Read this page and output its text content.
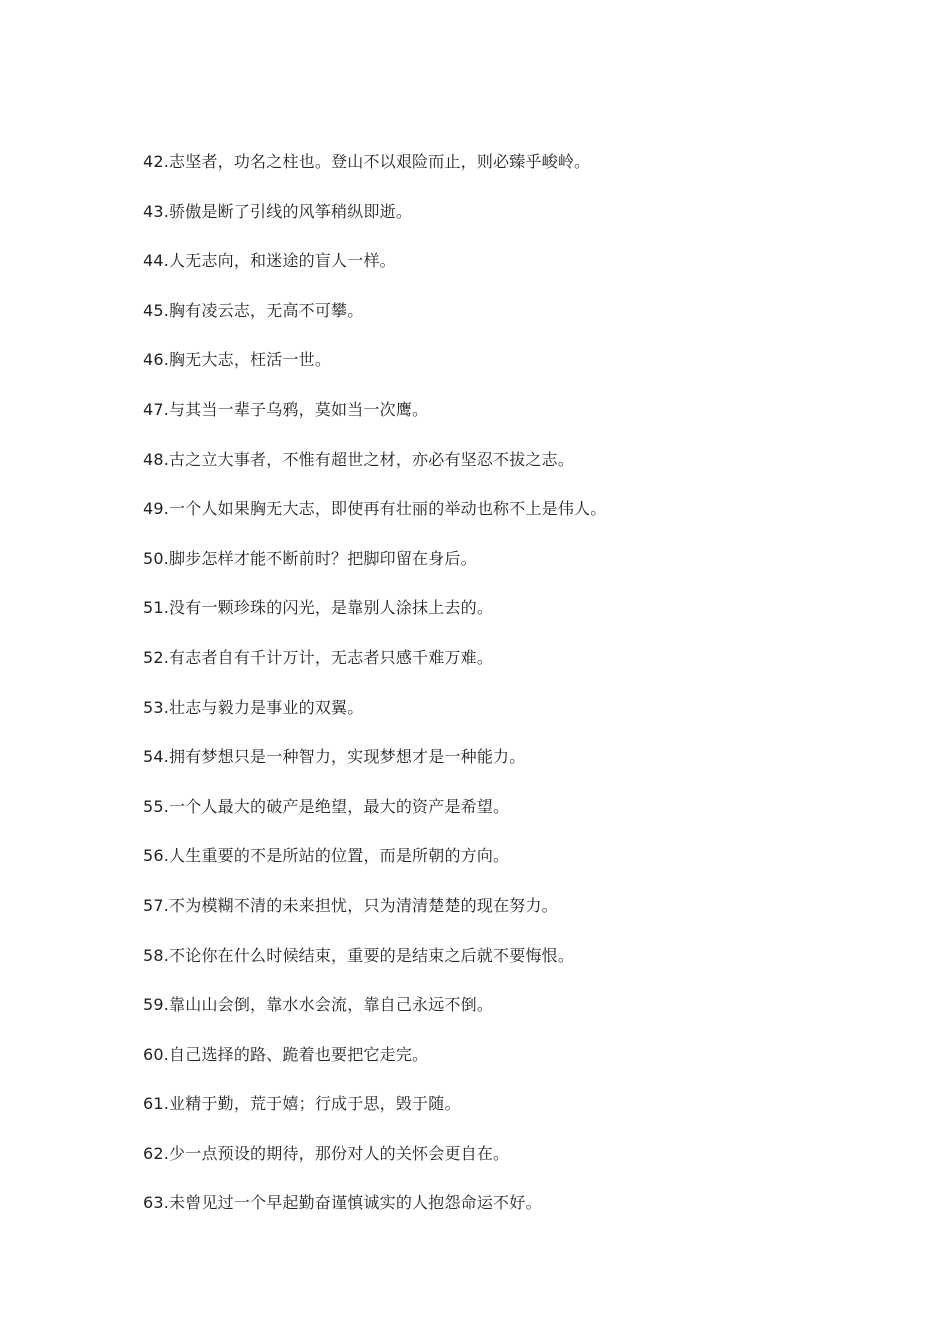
42.志坚者，功名之柱也。登山不以艰险而止，则必臻乎峻岭。
43.骄傲是断了引线的风筝稍纵即逝。
44.人无志向，和迷途的盲人一样。
45.胸有凌云志，无高不可攀。
46.胸无大志，枉活一世。
47.与其当一辈子乌鸦，莫如当一次鹰。
48.古之立大事者，不惟有超世之材，亦必有坚忍不拔之志。
49.一个人如果胸无大志，即使再有壮丽的举动也称不上是伟人。
50.脚步怎样才能不断前时？把脚印留在身后。
51.没有一颗珍珠的闪光，是靠别人涂抹上去的。
52.有志者自有千计万计，无志者只感千难万难。
53.壮志与毅力是事业的双翼。
54.拥有梦想只是一种智力，实现梦想才是一种能力。
55.一个人最大的破产是绝望，最大的资产是希望。
56.人生重要的不是所站的位置，而是所朝的方向。
57.不为模糊不清的未来担忧，只为清清楚楚的现在努力。
58.不论你在什么时候结束，重要的是结束之后就不要悔恨。
59.靠山山会倒，靠水水会流，靠自己永远不倒。
60.自己选择的路、跪着也要把它走完。
61.业精于勤，荒于嬉；行成于思，毁于随。
62.少一点预设的期待，那份对人的关怀会更自在。
63.未曾见过一个早起勤奋谨慎诚实的人抱怨命运不好。
